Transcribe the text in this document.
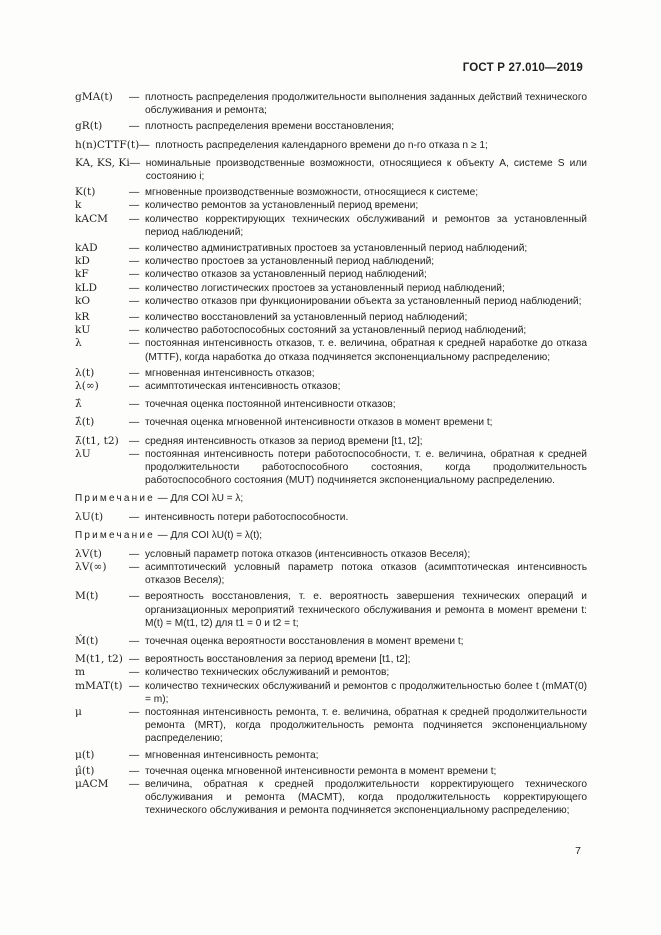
ГОСТ Р 27.010—2019
gMA(t)	— плотность распределения продолжительности выполнения заданных действий технического обслуживания и ремонта;
gR(t)	— плотность распределения времени восстановления;
h(n)CTTF(t) — плотность распределения календарного времени до n-го отказа n ≥ 1;
KA, KS, Ki — номинальные производственные возможности, относящиеся к объекту A, системе S или состоянию i;
K(t)	— мгновенные производственные возможности, относящиеся к системе;
k	— количество ремонтов за установленный период времени;
kACM	— количество корректирующих технических обслуживаний и ремонтов за установленный период наблюдений;
kAD	— количество административных простоев за установленный период наблюдений;
kD	— количество простоев за установленный период наблюдений;
kF	— количество отказов за установленный период наблюдений;
kLD	— количество логистических простоев за установленный период наблюдений;
kO	— количество отказов при функционировании объекта за установленный период наблюдений;
kR	— количество восстановлений за установленный период наблюдений;
kU	— количество работоспособных состояний за установленный период наблюдений;
λ	— постоянная интенсивность отказов, т. е. величина, обратная к средней наработке до отказа (MTTF), когда наработка до отказа подчиняется экспоненциальному распределению;
λ(t)	— мгновенная интенсивность отказов;
λ(∞)	— асимптотическая интенсивность отказов;
λ̂	— точечная оценка постоянной интенсивности отказов;
λ̂(t)	— точечная оценка мгновенной интенсивности отказов в момент времени t;
λ̄(t1, t2)	— средняя интенсивность отказов за период времени [t1, t2];
λU	— постоянная интенсивность потери работоспособности, т. е. величина, обратная к средней продолжительности работоспособного состояния, когда продолжительность работоспособного состояния (MUT) подчиняется экспоненциальному распределению.
Примечание — Для COI λU = λ;
λU(t)	— интенсивность потери работоспособности.
Примечание — Для COI λU(t) = λ(t);
λV(t)	— условный параметр потока отказов (интенсивность отказов Веселя);
λV(∞)	— асимптотический условный параметр потока отказов (асимптотическая интенсивность отказов Веселя);
M(t)	— вероятность восстановления, т. е. вероятность завершения технических операций и организационных мероприятий технического обслуживания и ремонта в момент времени t: M(t) = M(t1, t2) для t1 = 0 и t2 = t;
M̂(t)	— точечная оценка вероятности восстановления в момент времени t;
M(t1, t2) — вероятность восстановления за период времени [t1, t2];
m	— количество технических обслуживаний и ремонтов;
mMAT(t) — количество технических обслуживаний и ремонтов с продолжительностью более t (mMAT(0) = m);
μ	— постоянная интенсивность ремонта, т. е. величина, обратная к средней продолжительности ремонта (MRT), когда продолжительность ремонта подчиняется экспоненциальному распределению;
μ(t)	— мгновенная интенсивность ремонта;
μ̂(t)	— точечная оценка мгновенной интенсивности ремонта в момент времени t;
μACM	— величина, обратная к средней продолжительности корректирующего технического обслуживания и ремонта (MACMT), когда продолжительность корректирующего технического обслуживания и ремонта подчиняется экспоненциальному распределению;
7
